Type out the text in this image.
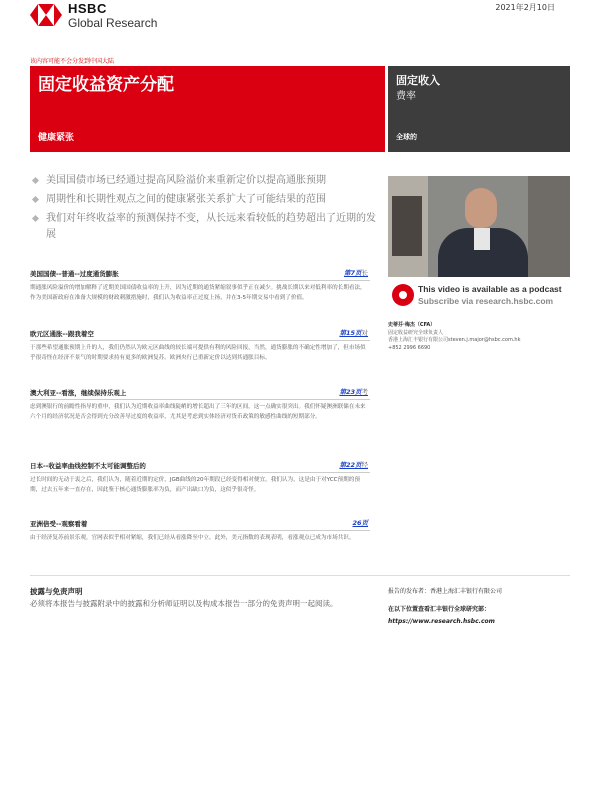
HSBC
Global Research
2021年2月10日
该内容可能不会分发到中国大陆
固定收益资产分配
健康紧张
固定收入
费率
全球的
美国国债市场已经通过提高风险溢价来重新定价以提高通胀预期
周期性和长期性观点之间的健康紧张关系扩大了可能结果的范围
我们对年终收益率的预测保持不变，从长远来看较低的趋势超出了近期的发展
This video is available as a podcast
Subscribe via research.hsbc.com
史蒂芬·梅杰（CFA）
固定收益研究全球负责人
香港上海汇丰银行有限公司steven.j.major@hsbc.com.hk
+852 2996 6690
美国国债--普通--过度通货膨胀	第7页长
期通胀风险溢价的增加解释了近期美国国债收益率的上升，因为近期的通货紧缩叙事似乎正在减少。挑战长期以来对低利率的长期看法，作为美国新政府在准备大规模的财政刺激措施时，我们认为收益率正过度上扬，并在3-5年期交易中看到了价值。
欧元区通胀--跟我着空	第15页对
于那些希望通胀预期上升的人，我们仍然认为欧元区曲线的较长端可提供有利的风险回报，当然，通货膨胀的不确定性增加了，但市场似乎很奇怪在经济不景气的时期要求持有更多的欧洲复苏。欧洲央行已重新定价以达到其通胀目标。
澳大利亚--看涨，继续保持乐观上	第23页考
虑到澳银行的前瞻性指导的重申，我们认为近期收益率曲线陡峭的增长超出了三年的区间，这一点确实很突出。我们怀疑澳洲联储在未来六个月的经济状况是否会得到充分改善导过度的收益率，尤其是考虑到实体经济对货币政策的敏感性曲线的短期部分。
日本--收益率曲线控制不太可能调整后的	第22页经
过长时间的无动于衷之后，我们认为，随着近期的定价，JGB曲线的20年期段已经变得相对便宜。我们认为，这是由于对YCC预期的预期，过去五年来一直存在，因此鉴于核心通货膨胀率为负，而产出缺口为负，这似乎很奇怪。
亚洲倍受--观察看着	26页
由于经济复苏前景乐观，官网表似乎相对紧缩，我们已经从看涨降至中立。此外，美元指数的表现表明，看涨观点已成为市场共识。
披露与免责声明
必须将本报告与披露附录中的披露和分析师证明以及构成本报告一部分的免责声明一起阅读。
报告的发布者：香港上海汇丰银行有限公司
在以下位置查看汇丰银行全球研究部：
https://www.research.hsbc.com
